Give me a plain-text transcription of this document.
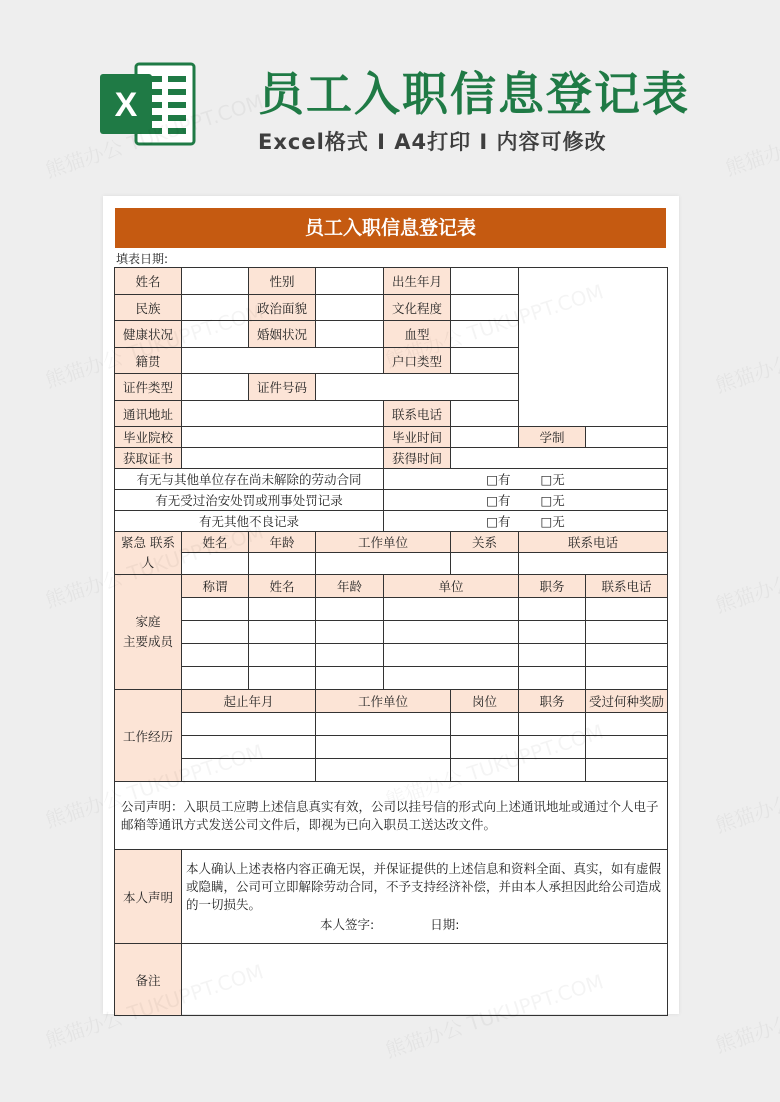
X	员工入职信息登记表
Excel格式 I A4打印 I 内容可修改
员工入职信息登记表
填表日期:
姓名		性别		出生年月			
民族		政治面貌		文化程度			
健康状况		婚姻状况		血型			
籍贯				户口类型			
证件类型		证件号码					
通讯地址				联系电话			
毕业院校				毕业时间		学制	
获取证书				获得时间			
有无与其他单位存在尚未解除的劳动合同				□有 □无			
有无受过治安处罚或刑事处罚记录				□有 □无			
有无其他不良记录				□有 □无			
紧急 联系人	姓名	年龄	工作单位		关系	联系电话	

家庭
主要成员	称谓	姓名	年龄	单位		职务	联系电话

工作经历	起止年月		工作单位		岗位	职务	受过何种奖励

公司声明：入职员工应聘上述信息真实有效，公司以挂号信的形式向上述通讯地址或通过个人电子邮箱等通讯方式发送公司文件后，即视为已向入职员工送达改文件。							
本人声明	本人确认上述表格内容正确无误，并保证提供的上述信息和资料全面、真实，如有虚假或隐瞒，公司可立即解除劳动合同，不予支持经济补偿，并由本人承担因此给公司造成的一切损失。
本人签字: 日期:						

备注							
